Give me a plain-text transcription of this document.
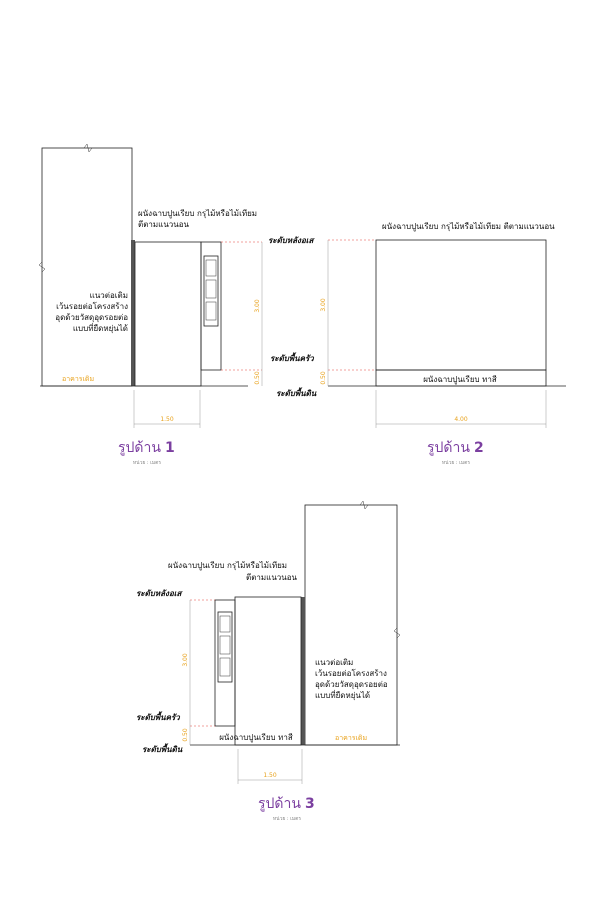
ผนังฉาบปูนเรียบ กรุไม้หรือไม้เทียม
ตีตามแนวนอน
แนวต่อเติม
เว้นรอยต่อโครงสร้าง
อุดด้วยวัสดุอุดรอยต่อ
แบบที่ยืดหยุ่นได้
อาคารเดิม
ระดับหลังอเส
ระดับพื้นครัว
ระดับพื้นดิน
3.00
0.50
1.50
รูปด้าน 1
หน่วย : เมตร
ผนังฉาบปูนเรียบ กรุไม้หรือไม้เทียม ตีตามแนวนอน
ผนังฉาบปูนเรียบ ทาสี
3.00
0.50
4.00
รูปด้าน 2
หน่วย : เมตร
ผนังฉาบปูนเรียบ กรุไม้หรือไม้เทียม
ตีตามแนวนอน
แนวต่อเติม
เว้นรอยต่อโครงสร้าง
อุดด้วยวัสดุอุดรอยต่อ
แบบที่ยืดหยุ่นได้
อาคารเดิม
ผนังฉาบปูนเรียบ ทาสี
ระดับหลังอเส
ระดับพื้นครัว
ระดับพื้นดิน
3.00
0.50
1.50
รูปด้าน 3
หน่วย : เมตร
